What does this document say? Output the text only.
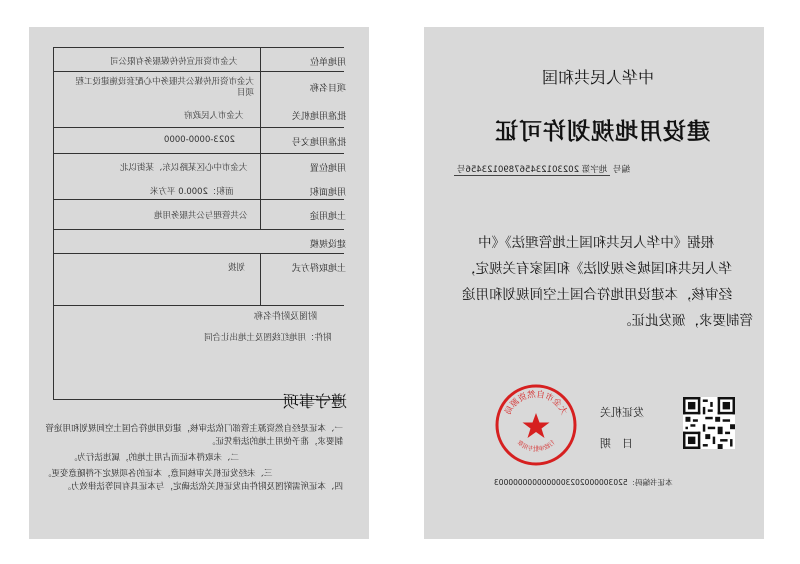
用地单位
项目名称
批准用地机关
批准用地文号
用地位置
用地面积
土地用途
建设规模
土地取得方式
大金市资讯宣传传媒服务有限公司
大金市资讯传媒公共服务中心配套设施建设工程项目
大金市人民政府
2023-0000-0000
大金市中心区某路以东、某街以北
面积：2000.0 平方米
公共管理与公共服务用地
划拨
附图及附件名称
附件：用地红线图及土地出让合同
遵守事项
一、本证是经自然资源主管部门依法审核，建设用地符合国土空间规划和用途管制要求，准予使用土地的法律凭证。
二、未取得本证而占用土地的，属违法行为。
三、未经发证机关审核同意，本证的各项规定不得随意变更。
四、本证所需附图及附件由发证机关依法确定，与本证具有同等法律效力。
中华人民共和国
建设用地规划许可证
编号 地字第 202301234567890123456号
根据《中华人民共和国土地管理法》《中
华人民共和国城乡规划法》和国家有关规定，
经审核，本建设用地符合国土空间规划和用途
管制要求，颁发此证。
发证机关
日　期
大金市自然资源局
行政审批专用章
本证书编码：5203000002023000000000000003
